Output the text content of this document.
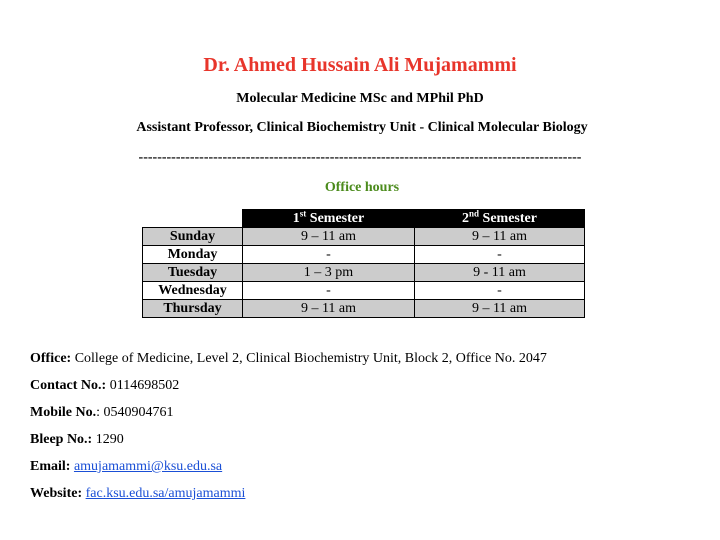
Dr. Ahmed Hussain Ali Mujamammi
Molecular Medicine MSc and MPhil PhD
Assistant Professor, Clinical Biochemistry Unit - Clinical Molecular Biology
-----------------------------------------------------------------------------------------------
Office hours
	1st Semester	2nd Semester
Sunday	9 – 11 am	9 – 11 am
Monday	-	-
Tuesday	1 – 3 pm	9 - 11 am
Wednesday	-	-
Thursday	9 – 11 am	9 – 11 am
Office: College of Medicine, Level 2, Clinical Biochemistry Unit, Block 2, Office No. 2047
Contact No.: 0114698502
Mobile No.: 0540904761
Bleep No.: 1290
Email: amujamammi@ksu.edu.sa
Website: fac.ksu.edu.sa/amujamammi
